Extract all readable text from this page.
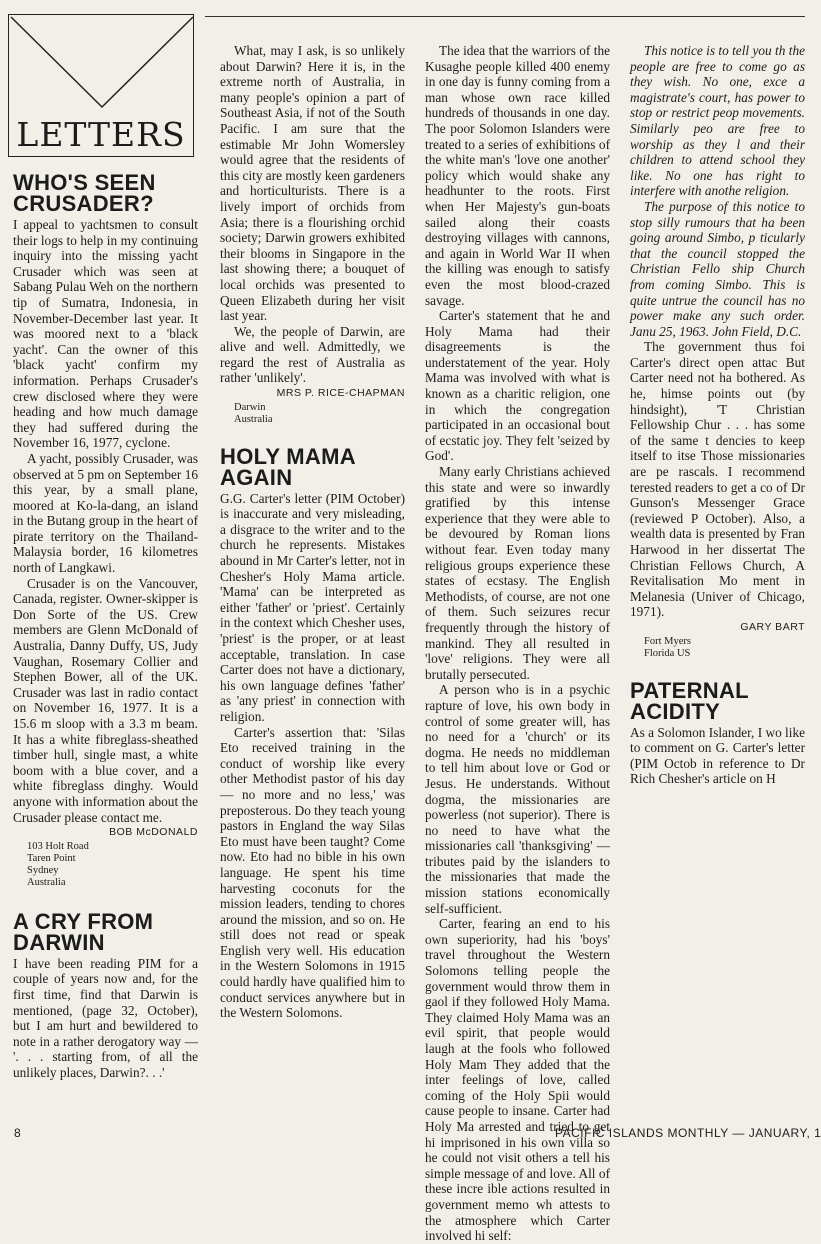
LETTERS
WHO'S SEEN CRUSADER?

I appeal to yachtsmen to consult their logs to help in my continuing inquiry into the missing yacht Crusader which was seen at Sabang Pulau Weh on the northern tip of Sumatra, Indonesia, in November-December last year. It was moored next to a 'black yacht'. Can the owner of this 'black yacht' confirm my information. Perhaps Crusader's crew disclosed where they were heading and how much damage they had suffered during the November 16, 1977, cyclone.

A yacht, possibly Crusader, was observed at 5 pm on September 16 this year, by a small plane, moored at Ko-la-dang, an island in the Butang group in the heart of pirate territory on the Thailand-Malaysia border, 16 kilometres north of Langkawi.

Crusader is on the Vancouver, Canada, register. Owner-skipper is Don Sorte of the US. Crew members are Glenn McDonald of Australia, Danny Duffy, US, Judy Vaughan, Rosemary Collier and Stephen Bower, all of the UK. Crusader was last in radio contact on November 16, 1977. It is a 15.6 m sloop with a 3.3 m beam. It has a white fibreglass-sheathed timber hull, single mast, a white boom with a blue cover, and a white fibreglass dinghy. Would anyone with information about the Crusader please contact me.

BOB McDONALD

103 Holt Road

Taren Point

Sydney

Australia

A CRY FROM DARWIN

I have been reading PIM for a couple of years now and, for the first time, find that Darwin is mentioned, (page 32, October), but I am hurt and bewildered to note in a rather derogatory way — '. . . starting from, of all the unlikely places, Darwin?. . .'

What, may I ask, is so unlikely about Darwin? Here it is, in the extreme north of Australia, in many people's opinion a part of Southeast Asia, if not of the South Pacific. I am sure that the estimable Mr John Womersley would agree that the residents of this city are mostly keen gardeners and horticulturists. There is a lively import of orchids from Asia; there is a flourishing orchid society; Darwin growers exhibited their blooms in Singapore in the last showing there; a bouquet of local orchids was presented to Queen Elizabeth during her visit last year.

We, the people of Darwin, are alive and well. Admittedly, we regard the rest of Australia as rather 'unlikely'.

MRS P. RICE-CHAPMAN

Darwin

Australia

HOLY MAMA AGAIN

G.G. Carter's letter (PIM October) is inaccurate and very misleading, a disgrace to the writer and to the church he represents. Mistakes abound in Mr Carter's letter, not in Chesher's Holy Mama article. 'Mama' can be interpreted as either 'father' or 'priest'. Certainly in the context which Chesher uses, 'priest' is the proper, or at least acceptable, translation. In case Carter does not have a dictionary, his own language defines 'father' as 'any priest' in connection with religion.

Carter's assertion that: 'Silas Eto received training in the conduct of worship like every other Methodist pastor of his day — no more and no less,' was preposterous. Do they teach young pastors in England the way Silas Eto must have been taught? Come now. Eto had no bible in his own language. He spent his time harvesting coconuts for the mission leaders, tending to chores around the mission, and so on. He still does not read or speak English very well. His education in the Western Solomons in 1915 could hardly have qualified him to conduct services anywhere but in the Western Solomons.

The idea that the warriors of the Kusaghe people killed 400 enemy in one day is funny coming from a man whose own race killed hundreds of thousands in one day. The poor Solomon Islanders were treated to a series of exhibitions of the white man's 'love one another' policy which would shake any headhunter to the roots. First when Her Majesty's gun-boats sailed along their coasts destroying villages with cannons, and again in World War II when the killing was enough to satisfy even the most blood-crazed savage.

Carter's statement that he and Holy Mama had their disagreements is the understatement of the year. Holy Mama was involved with what is known as a charitic religion, one in which the congregation participated in an occasional bout of ecstatic joy. They felt 'seized by God'.

Many early Christians achieved this state and were so inwardly gratified by this intense experience that they were able to be devoured by Roman lions without fear. Even today many religious groups experience these states of ecstasy. The English Methodists, of course, are not one of them. Such seizures recur frequently through the history of mankind. They all resulted in 'love' religions. They were all brutally persecuted.

A person who is in a psychic rapture of love, his own body in control of some greater will, has no need for a 'church' or its dogma. He needs no middleman to tell him about love or God or Jesus. He understands. Without dogma, the missionaries are powerless (not superior). There is no need to have what the missionaries call 'thanksgiving' — tributes paid by the islanders to the missionaries that made the mission stations economically self-sufficient.

Carter, fearing an end to his own superiority, had his 'boys' travel throughout the Western Solomons telling people the government would throw them in gaol if they followed Holy Mama. They claimed Holy Mama was an evil spirit, that people would laugh at the fools who followed Holy Mam They added that the inter feelings of love, called coming of the Holy Spii would cause people to insane. Carter had Holy Ma arrested and tried to get hi imprisoned in his own villa so he could not visit others a tell his simple message of and love. All of these incre ible actions resulted in government memo wh attests to the atmosphere which Carter involved hi self:

This notice is to tell you th the people are free to come go as they wish. No one, exce a magistrate's court, has power to stop or restrict peop movements. Similarly peo are free to worship as they l and their children to attend school they like. No one has right to interfere with anothe religion.

The purpose of this notice to stop silly rumours that ha been going around Simbo, p ticularly that the council stopped the Christian Fello ship Church from coming Simbo. This is quite untrue the council has no power make any such order. Janu 25, 1963. John Field, D.C.

The government thus foi Carter's direct open attac But Carter need not ha bothered. As he, himse points out (by hindsight), 'T Christian Fellowship Chur . . . has some of the same t dencies to keep itself to itse Those missionaries are pe rascals. I recommend terested readers to get a co of Dr Gunson's Messenger Grace (reviewed P October). Also, a wealth data is presented by Fran Harwood in her dissertat The Christian Fellows Church, A Revitalisation Mo ment in Melanesia (Univer of Chicago, 1971).

GARY BART

Fort Myers

Florida US

PATERNAL ACIDITY

As a Solomon Islander, I wo like to comment on G. Carter's letter (PIM Octob in reference to Dr Rich Chesher's article on H

8	PACIFIC ISLANDS MONTHLY — JANUARY, 1
